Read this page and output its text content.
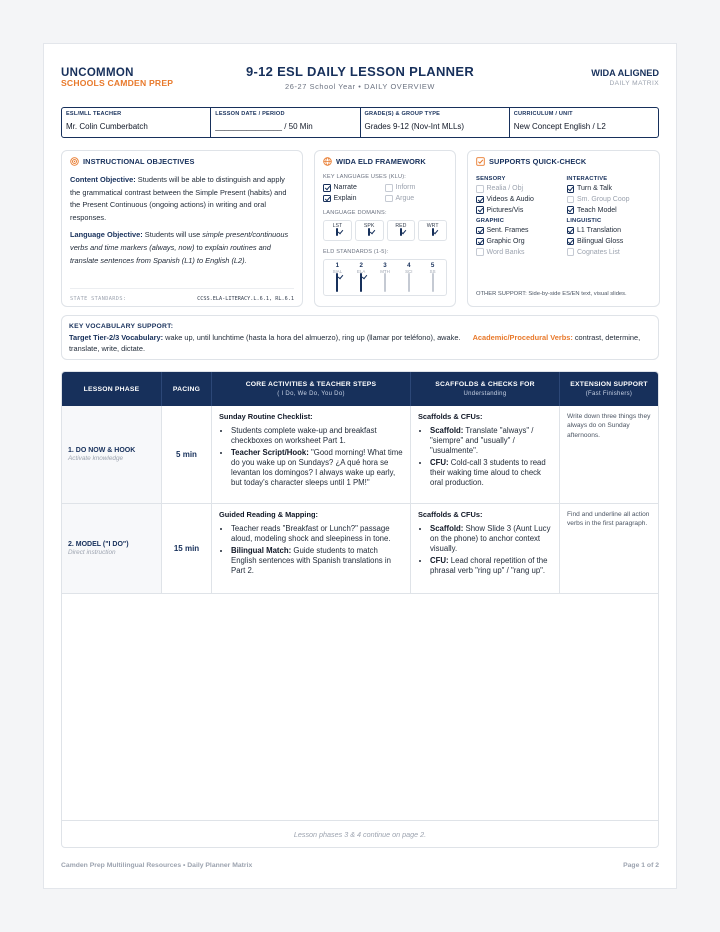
UNCOMMON
SCHOOLS CAMDEN PREP
9-12 ESL DAILY LESSON PLANNER
26-27 School Year • DAILY OVERVIEW
WIDA ALIGNED
DAILY MATRIX
ESL/MLL TEACHER
Mr. Colin Cumberbatch
LESSON DATE / PERIOD
_______________ / 50 Min
GRADE(S) & GROUP TYPE
Grades 9-12 (Nov-Int MLLs)
CURRICULUM / UNIT
New Concept English / L2
INSTRUCTIONAL OBJECTIVES
Content Objective: Students will be able to distinguish and apply the grammatical contrast between the Simple Present (habits) and the Present Continuous (ongoing actions) in writing and oral responses.
Language Objective: Students will use simple present/continuous verbs and time markers (always, now) to explain routines and translate sentences from Spanish (L1) to English (L2).
STATE STANDARDS:	CCSS.ELA-LITERACY.L.6.1, RL.6.1
WIDA ELD FRAMEWORK
KEY LANGUAGE USES (KLU):
Narrate	Inform
Explain	Argue
LANGUAGE DOMAINS:
LST	SPK	RED	WRT
ELD STANDARDS (1-5):
1
SIAL
2
ELA
3
MTH
4
SCI
5
SS
SUPPORTS QUICK-CHECK
SENSORY
Realia / Obj
Videos & Audio
Pictures/Vis
GRAPHIC
Sent. Frames
Graphic Org
Word Banks
INTERACTIVE
Turn & Talk
Sm. Group Coop
Teach Model
LINGUISTIC
L1 Translation
Bilingual Gloss
Cognates List
OTHER SUPPORT: Side-by-side ES/EN text, visual slides.
KEY VOCABULARY SUPPORT:
Target Tier-2/3 Vocabulary: wake up, until lunchtime (hasta la hora del almuerzo), ring up (llamar por teléfono), awake. Academic/Procedural Verbs: contrast, determine, translate, write, dictate.
LESSON PHASE	PACING
CORE ACTIVITIES & TEACHER STEPS
( I Do, We Do, You Do)
SCAFFOLDS & CHECKS FOR
Understanding
EXTENSION SUPPORT
(Fast Finishers)
1. DO NOW & HOOK
Activate knowledge	5 min
Sunday Routine Checklist:
• Students complete wake-up and breakfast checkboxes on worksheet Part 1.
• Teacher Script/Hook: "Good morning! What time do you wake up on Sundays? ¿A qué hora se levantan los domingos? I always wake up early, but today's character sleeps until 1 PM!"
Scaffolds & CFUs:
• Scaffold: Translate "always" / "siempre" and "usually" / "usualmente".
• CFU: Cold-call 3 students to read their waking time aloud to check oral production.
Write down three things they always do on Sunday afternoons.
2. MODEL ("I DO")
Direct instruction	15 min
Guided Reading & Mapping:
• Teacher reads "Breakfast or Lunch?" passage aloud, modeling shock and sleepiness in tone.
• Bilingual Match: Guide students to match English sentences with Spanish translations in Part 2.
Scaffolds & CFUs:
• Scaffold: Show Slide 3 (Aunt Lucy on the phone) to anchor context visually.
• CFU: Lead choral repetition of the phrasal verb "ring up" / "rang up".
Find and underline all action verbs in the first paragraph.
Lesson phases 3 & 4 continue on page 2.
Camden Prep Multilingual Resources • Daily Planner Matrix	Page 1 of 2
